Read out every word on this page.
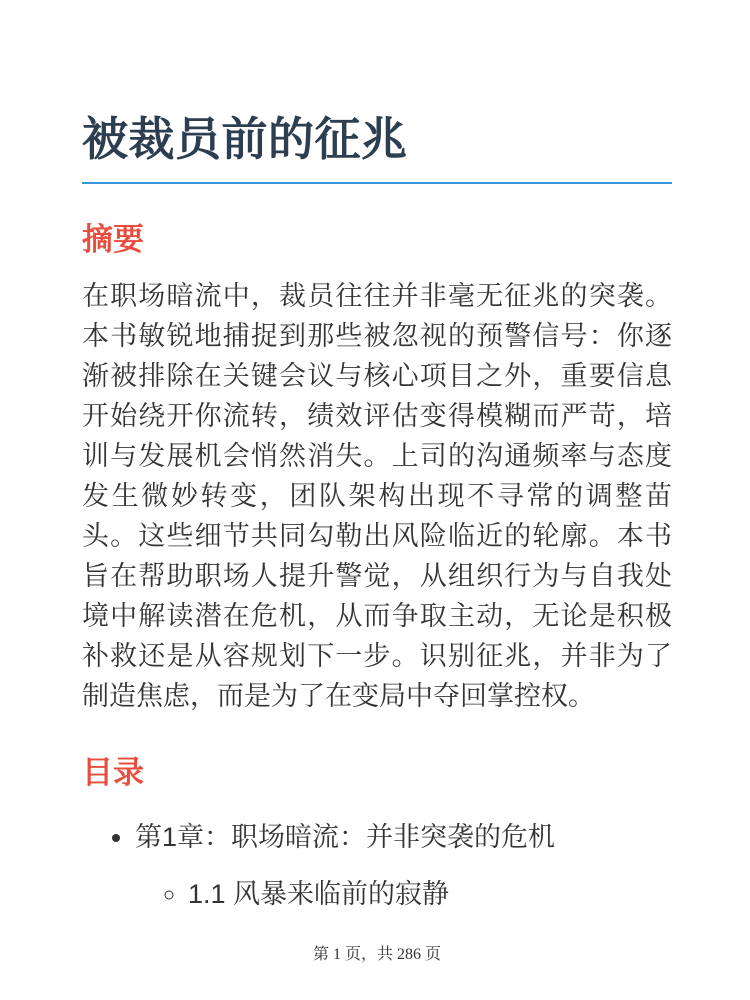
被裁员前的征兆
摘要

在职场暗流中，裁员往往并非毫无征兆的突袭。本书敏锐地捕捉到那些被忽视的预警信号：你逐渐被排除在关键会议与核心项目之外，重要信息开始绕开你流转，绩效评估变得模糊而严苛，培训与发展机会悄然消失。上司的沟通频率与态度发生微妙转变，团队架构出现不寻常的调整苗头。这些细节共同勾勒出风险临近的轮廓。本书旨在帮助职场人提升警觉，从组织行为与自我处境中解读潜在危机，从而争取主动，无论是积极补救还是从容规划下一步。识别征兆，并非为了制造焦虑，而是为了在变局中夺回掌控权。

目录
• 第1章：职场暗流：并非突袭的危机
◦ 1.1 风暴来临前的寂静
第 1 页，共 286 页
